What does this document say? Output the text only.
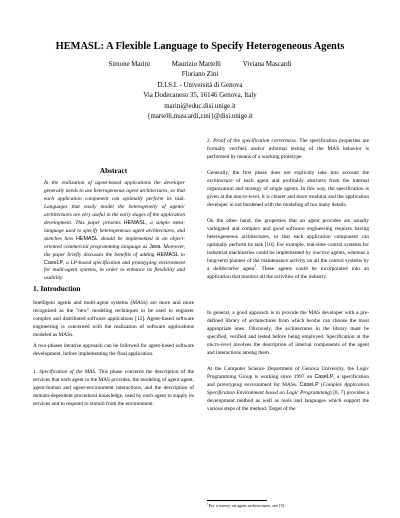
HEMASL: A Flexible Language to Specify Heterogeneous Agents
Simone Marini	Maurizio Martelli	Viviana Mascardi
Floriano Zini
D.I.S.I. - Università di Genova
Via Dodecaneso 35, 16146 Genova, Italy
marini@educ.disi.unige.it
{martelli,mascardi,zini}@disi.unige.it
Abstract
In the realization of agent-based applications the developer generally needs to use heterogeneous agent architectures, so that each application component can optimally perform its task. Languages that easily model the heterogeneity of agents' architectures are very useful in the early stages of the application development. This paper presents HEMASL, a simple meta-language used to specify heterogeneous agent architectures, and sketches how HEMASL should be implemented in an object-oriented commercial programming language as Java. Moreover, the paper briefly discusses the benefits of adding HEMASL to CaseLP, a LP-based specification and prototyping environment for multi-agent systems, in order to enhance its flexibility and usability.
1. Introduction
Intelligent agents and multi-agent systems (MASs) are more and more recognized as the "new" modeling techniques to be used to engineer complex and distributed software applications [12]. Agent-based software engineering is concerned with the realization of software applications modeled as MASs.
A two-phases iterative approach can be followed for agent-based software development, before implementing the final application.
1. Specification of the MAS. This phase concerns the description of the services that each agent in the MAS provides, the modeling of agent-agent, agent-human and agent-environment interactions, and the description of domain-dependent procedural knowledge, used by each agent to supply its services and to respond to stimuli from the environment.
2. Proof of the specification correctness. The specification properties are formally verified, and/or informal testing of the MAS behavior is performed by means of a working prototype.
Generally, the first phase does not explicitly take into account the architecture of each agent and profitably abstracts from the internal organization and strategy of single agents. In this way, the specification is given at the macro-level, it is clearer and more modular and the application developer in not burdened with the modeling of too many details.
On the other hand, the properties that an agent provides are usually variegated and complex and good software engineering requires having heterogeneous architectures, so that each application component can optimally perform its task [10]. For example, real-time control systems for industrial machineries could be implemented by reactive agents, whereas a long-term planner of the maintenance activity on all the control systems by a deliberative agent$^1$. These agents could be incorporated into an application that monitor all the activities of the industry.
In general, a good approach is to provide the MAS developer with a pre-defined library of architectures from which he/she can choose the most appropriate ones. Obviously, the architectures in the library must be specified, verified and tested before being employed. Specification at the micro-level involves the description of internal components of the agent and interactions among them.
At the Computer Science Department of Genova University, the Logic Programming Group is working since 1997 on CaseLP, a specification and prototyping environment for MASs. CaseLP (Complex Application Specification Environment based on Logic Programming) [8, 7] provides a development method as well as tools and languages which support the various steps of the method. Target of the
$^1$For a survey on agent architectures, see [5].
